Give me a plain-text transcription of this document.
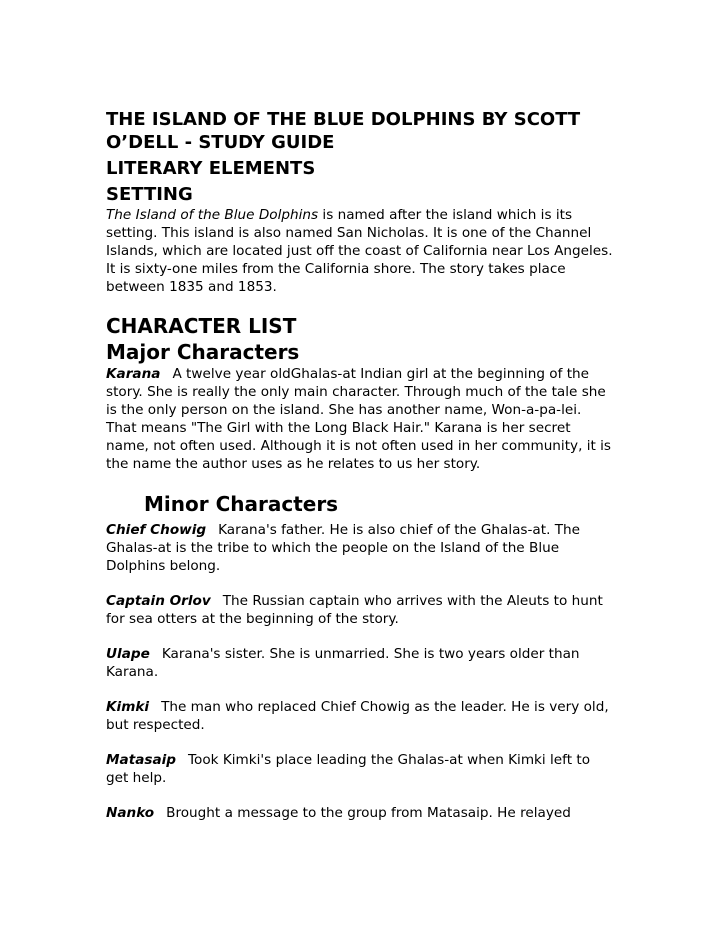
THE ISLAND OF THE BLUE DOLPHINS BY SCOTT
O’DELL - STUDY GUIDE
LITERARY ELEMENTS
SETTING

The Island of the Blue Dolphins is named after the island which is its setting. This island is also named San Nicholas. It is one of the Channel Islands, which are located just off the coast of California near Los Angeles. It is sixty-one miles from the California shore. The story takes place between 1835 and 1853.

CHARACTER LIST
Major Characters

Karana A twelve year oldGhalas-at Indian girl at the beginning of the story. She is really the only main character. Through much of the tale she is the only person on the island. She has another name, Won-a-pa-lei. That means "The Girl with the Long Black Hair." Karana is her secret name, not often used. Although it is not often used in her community, it is the name the author uses as he relates to us her story.

Minor Characters

Chief Chowig Karana's father. He is also chief of the Ghalas-at. The Ghalas-at is the tribe to which the people on the Island of the Blue Dolphins belong.

Captain Orlov The Russian captain who arrives with the Aleuts to hunt for sea otters at the beginning of the story.

Ulape Karana's sister. She is unmarried. She is two years older than Karana.

Kimki The man who replaced Chief Chowig as the leader. He is very old, but respected.

Matasaip Took Kimki's place leading the Ghalas-at when Kimki left to get help.

Nanko Brought a message to the group from Matasaip. He relayed
